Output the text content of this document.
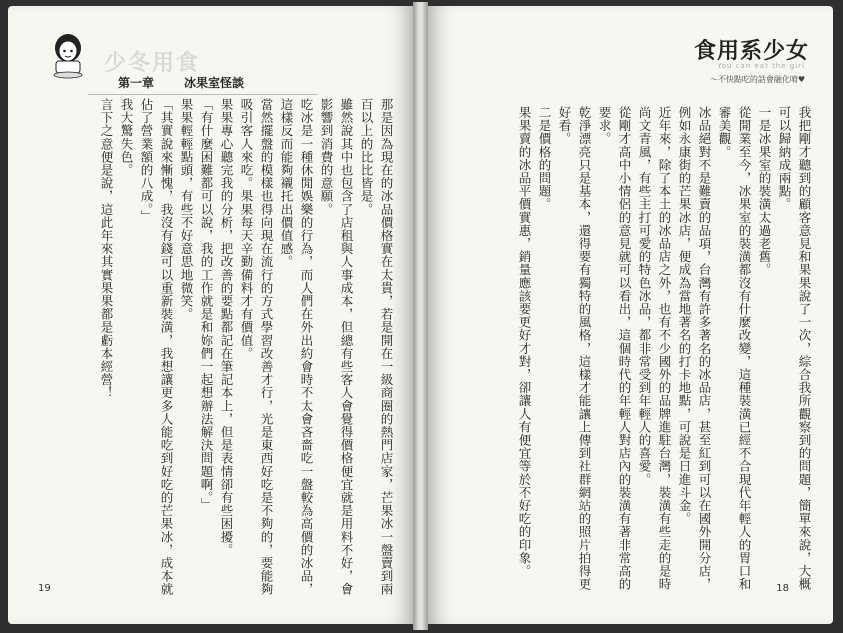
少冬用食
第一章 冰果室怪談

那是因為現在的冰品價格實在太貴，若是開在一級商圈的熱門店家，芒果冰一盤賣到兩百以上的比比皆是。

雖然說其中也包含了店租與人事成本，但總有些客人會覺得價格便宜就是用料不好，會影響到消費的意願。

吃冰是一種休閒娛樂的行為，而人們在外出約會時不太會吝嗇吃一盤較為高價的冰品，這樣反而能夠襯托出價值感。

當然擺盤的模樣也得向現在流行的方式學習改善才行，光是東西好吃是不夠的，要能夠吸引客人來吃。果果每天辛勤備料才有價值。

果果專心聽完我的分析，把改善的要點都記在筆記本上，但是表情卻有些困擾。

「有什麼困難都可以說，我的工作就是和妳們一起想辦法解決問題啊。」

果果輕輕點頭，有些不好意思地微笑。

「其實說來慚愧，我沒有錢可以重新裝潢，我想讓更多人能吃到好吃的芒果冰，成本就佔了營業額的八成。」

我大驚失色。

言下之意便是說，這此年來其實果果都是虧本經營！

19
食用系少女
You can eat the girl
～不快點吃的話會融化唷♥

我把剛才聽到的顧客意見和果果說了一次，綜合我所觀察到的問題，簡單來說，大概可以歸納成兩點。

一是冰果室的裝潢太過老舊。

從開業至今，冰果室的裝潢都沒有什麼改變，這種裝潢已經不合現代年輕人的胃口和審美觀。

冰品絕對不是難賣的品項，台灣有許多著名的冰品店，甚至紅到可以在國外開分店，例如永康街的芒果冰店，便成為當地著名的打卡地點，可說是日進斗金。

近年來，除了本土的冰品店之外，也有不少國外的品牌進駐台灣，裝潢有些走的是時尚文青風，有些主打可愛的特色冰品，都非常受到年輕人的喜愛。

從剛才高中小情侶的意見就可以看出，這個時代的年輕人對店內的裝潢有著非常高的要求。

乾淨漂亮只是基本，還得要有獨特的風格，這樣才能讓上傳到社群網站的照片拍得更好看。

二是價格的問題。

果果賣的冰品平價實惠，銷量應該要更好才對，卻讓人有便宜等於不好吃的印象。

18
